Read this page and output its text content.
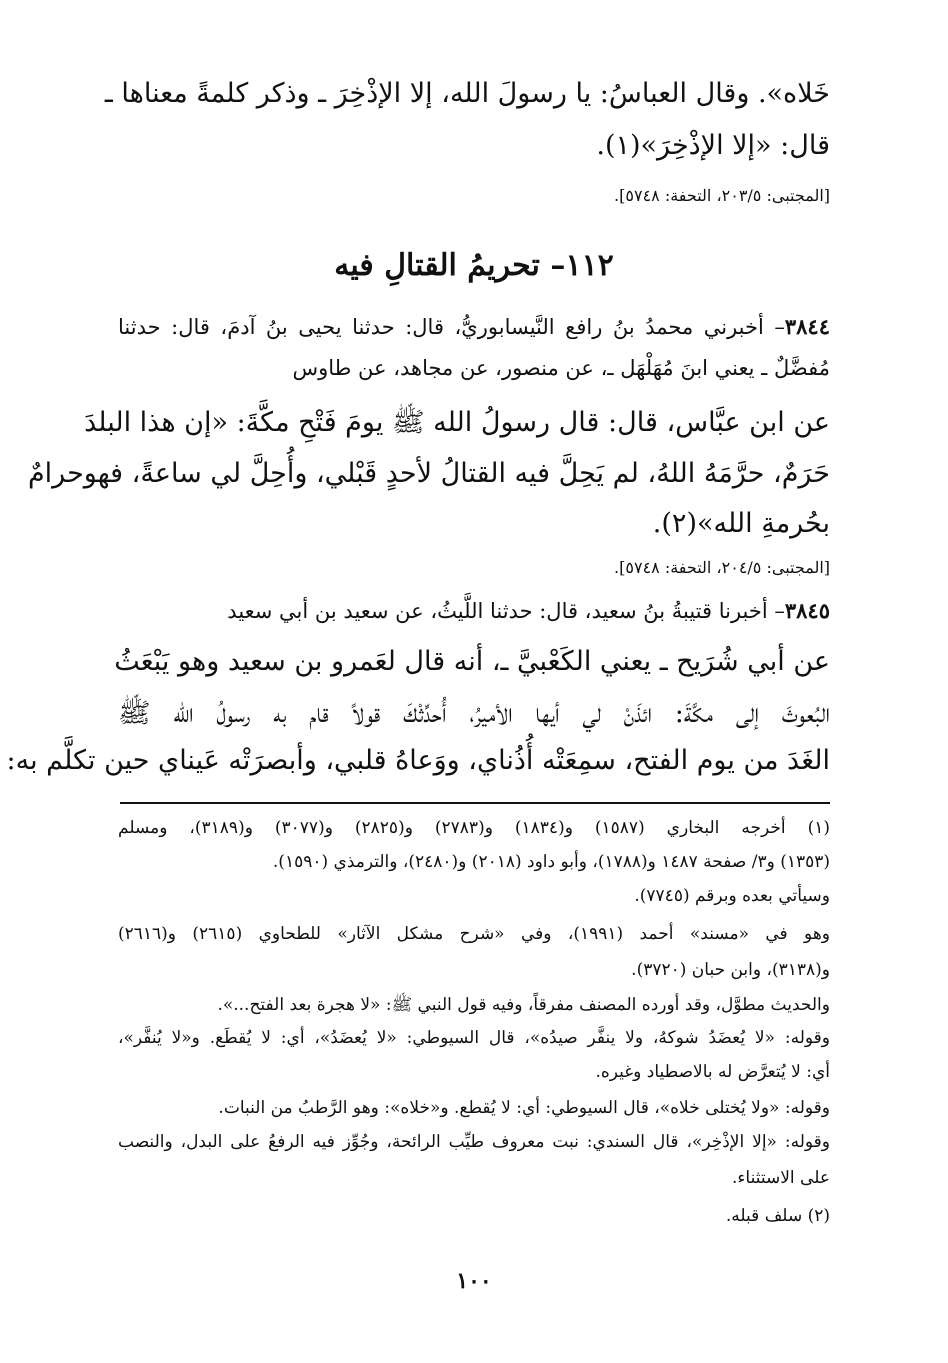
خَلاه». وقال العباسُ: يا رسولَ الله، إلا الإذْخِرَ ـ وذكر كلمةً معناها ـ
قال: «إلا الإذْخِرَ»(١).
[المجتبى: ٢٠٣/٥، التحفة: ٥٧٤٨].
١١٢– تحريمُ القتالِ فيه
٣٨٤٤– أخبرني محمدُ بنُ رافع النَّيسابوريُّ، قال: حدثنا يحيى بنُ آدمَ، قال: حدثنا
مُفضَّلٌ ـ يعني ابنَ مُهَلْهَل ـ، عن منصور، عن مجاهد، عن طاوس
عن ابن عبَّاس، قال: قال رسولُ الله ﷺ يومَ فَتْحِ مكَّةَ: «إن هذا البلدَ
حَرَمٌ، حرَّمَهُ اللهُ، لم يَحِلَّ فيه القتالُ لأحدٍ قَبْلي، وأُحِلَّ لي ساعةً، فهوحرامٌ
بحُرمةِ الله»(٢).
[المجتبى: ٢٠٤/٥، التحفة: ٥٧٤٨].
٣٨٤٥– أخبرنا قتيبةُ بنُ سعيد، قال: حدثنا اللَّيثُ، عن سعيد بن أبي سعيد
عن أبي شُرَيح ـ يعني الكَعْبيَّ ـ، أنه قال لعَمرو بن سعيد وهو يَبْعَثُ
البُعوثَ إلى مكَّةَ: ائذَنْ لي أيها الأميرُ، أُحدِّثْكَ قولاً قام به رسولُ الله ﷺ
الغَدَ من يوم الفتح، سمِعَتْه أُذُناي، ووَعاهُ قلبي، وأبصرَتْه عَيناي حين تكلَّم به:
(١) أخرجه البخاري (١٥٨٧) و(١٨٣٤) و(٢٧٨٣) و(٢٨٢٥) و(٣٠٧٧) و(٣١٨٩)، ومسلم
(١٣٥٣) و٣/ صفحة ١٤٨٧ و(١٧٨٨)، وأبو داود (٢٠١٨) و(٢٤٨٠)، والترمذي (١٥٩٠).
وسيأتي بعده وبرقم (٧٧٤٥).
وهو في «مسند» أحمد (١٩٩١)، وفي «شرح مشكل الآثار» للطحاوي (٢٦١٥) و(٢٦١٦)
و(٣١٣٨)، وابن حبان (٣٧٢٠).
والحديث مطوَّل، وقد أورده المصنف مفرقاً، وفيه قول النبي ﷺ: «لا هجرة بعد الفتح...».
وقوله: «لا يُعضَدُ شوكهُ، ولا ينفَّر صيدُه»، قال السيوطي: «لا يُعضَدُ»، أي: لا يُقطَع. و«لا يُنفَّر»،
أي: لا يُتعرَّض له بالاصطياد وغيره.
وقوله: «ولا يُختلى خلاه»، قال السيوطي: أي: لا يُقطع. و«خلاه»: وهو الرَّطبُ من النبات.
وقوله: «إلا الإذْخِر»، قال السندي: نبت معروف طيِّب الرائحة، وجُوِّز فيه الرفعُ على البدل، والنصب
على الاستثناء.
(٢) سلف قبله.
١٠٠
